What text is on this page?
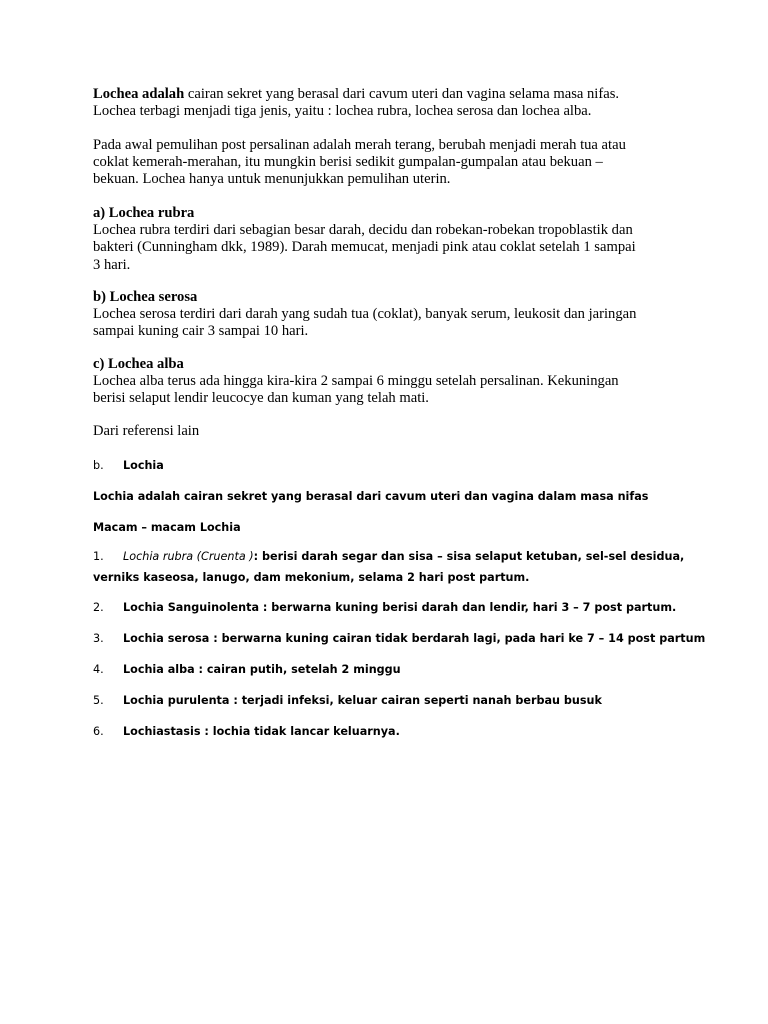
Lochea adalah cairan sekret yang berasal dari cavum uteri dan vagina selama masa nifas.

Lochea terbagi menjadi tiga jenis, yaitu : lochea rubra, lochea serosa dan lochea alba.

Pada awal pemulihan post persalinan adalah merah terang, berubah menjadi merah tua atau

coklat kemerah-merahan, itu mungkin berisi sedikit gumpalan-gumpalan atau bekuan –

bekuan. Lochea hanya untuk menunjukkan pemulihan uterin.

a) Lochea rubra

Lochea rubra terdiri dari sebagian besar darah, decidu dan robekan-robekan tropoblastik dan

bakteri (Cunningham dkk, 1989). Darah memucat, menjadi pink atau coklat setelah 1 sampai

3 hari.

b) Lochea serosa

Lochea serosa terdiri dari darah yang sudah tua (coklat), banyak serum, leukosit dan jaringan

sampai kuning cair 3 sampai 10 hari.

c) Lochea alba

Lochea alba terus ada hingga kira-kira 2 sampai 6 minggu setelah persalinan. Kekuningan

berisi selaput lendir leucocye dan kuman yang telah mati.

Dari referensi lain

b. Lochia
Lochia adalah cairan sekret yang berasal dari cavum uteri dan vagina dalam masa nifas
Macam – macam Lochia
1. Lochia rubra (Cruenta ): berisi darah segar dan sisa – sisa selaput ketuban, sel-sel desidua,
verniks kaseosa, lanugo, dam mekonium, selama 2 hari post partum.
2. Lochia Sanguinolenta : berwarna kuning berisi darah dan lendir, hari 3 – 7 post partum.
3. Lochia serosa : berwarna kuning cairan tidak berdarah lagi, pada hari ke 7 – 14 post partum
4. Lochia alba : cairan putih, setelah 2 minggu
5. Lochia purulenta : terjadi infeksi, keluar cairan seperti nanah berbau busuk
6. Lochiastasis : lochia tidak lancar keluarnya.
